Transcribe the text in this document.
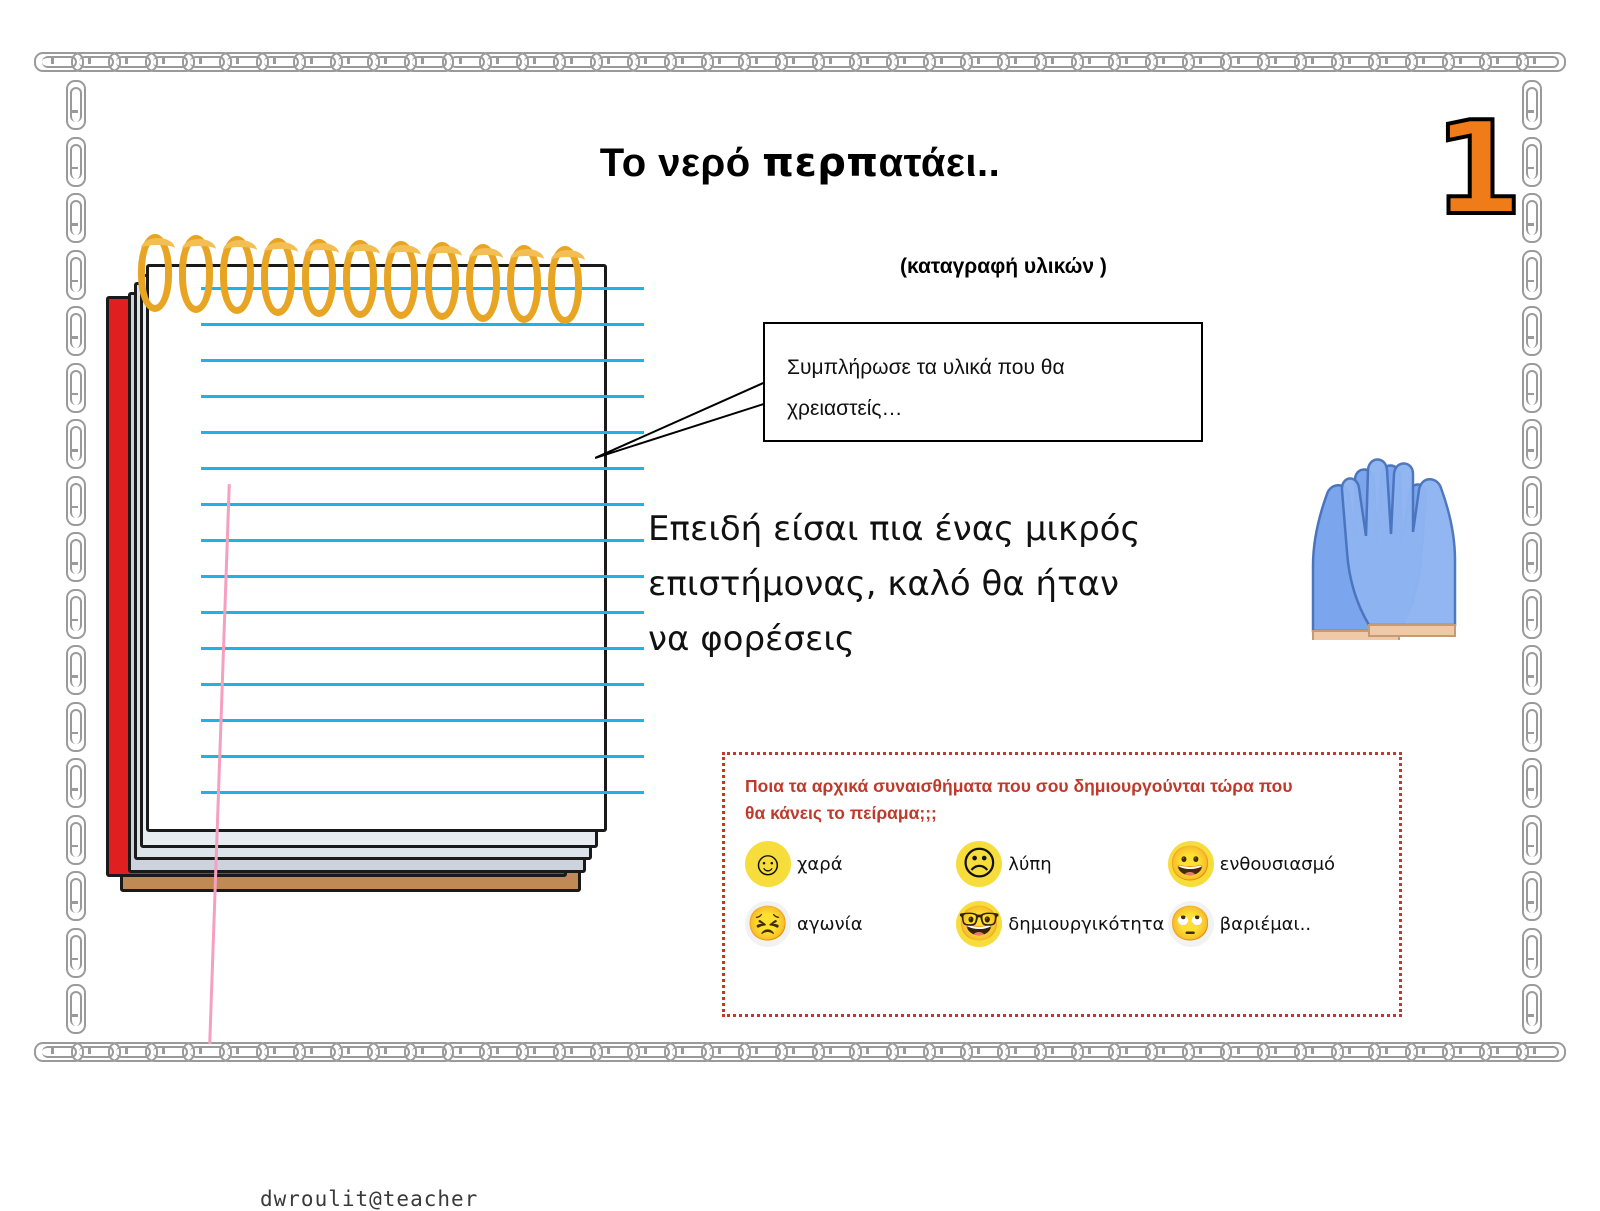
Το νερό περπατάει..	1
dwroulit@teacher
(καταγραφή υλικών )
Συμπλήρωσε τα υλικά που θα
χρειαστείς…
Επειδή είσαι πια ένας μικρός
επιστήμονας, καλό θα ήταν
να φορέσεις

Ποια τα αρχικά συναισθήματα που σου δημιουργούνται τώρα που
θα κάνεις το πείραμα;;;

☺ χαρά	☹ λύπη	😀 ενθουσιασμό
😣 αγωνία	🤓 δημιουργικότητα 🙄 βαριέμαι..
